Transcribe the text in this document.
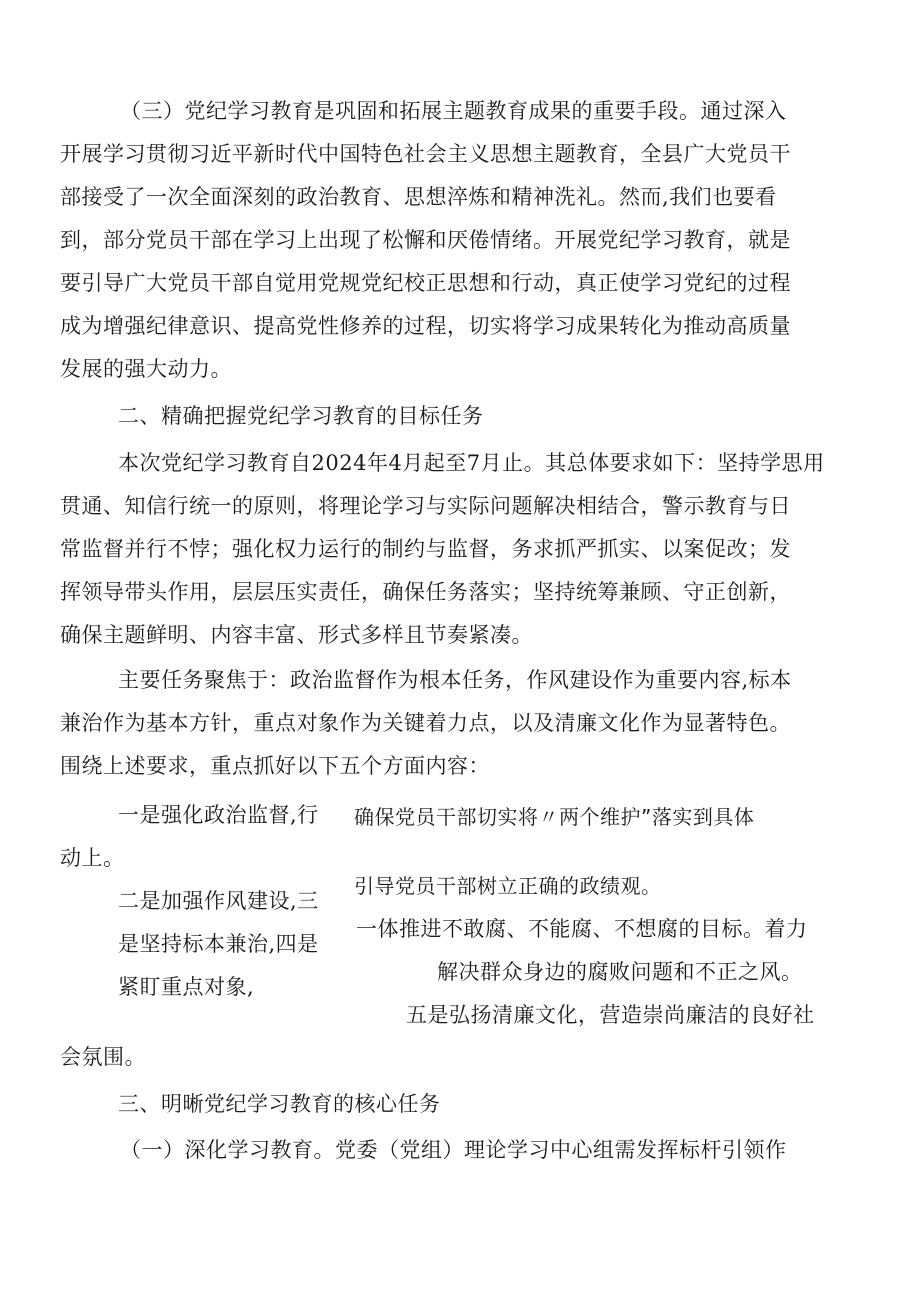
（三）党纪学习教育是巩固和拓展主题教育成果的重要手段。通过深入
开展学习贯彻习近平新时代中国特色社会主义思想主题教育，全县广大党员干
部接受了一次全面深刻的政治教育、思想淬炼和精神洗礼。然而,我们也要看
到，部分党员干部在学习上出现了松懈和厌倦情绪。开展党纪学习教育，就是
要引导广大党员干部自觉用党规党纪校正思想和行动，真正使学习党纪的过程
成为增强纪律意识、提高党性修养的过程，切实将学习成果转化为推动高质量
发展的强大动力。
二、精确把握党纪学习教育的目标任务
本次党纪学习教育自2024年4月起至7月止。其总体要求如下：坚持学思用
贯通、知信行统一的原则，将理论学习与实际问题解决相结合，警示教育与日
常监督并行不悖；强化权力运行的制约与监督，务求抓严抓实、以案促改；发
挥领导带头作用，层层压实责任，确保任务落实；坚持统筹兼顾、守正创新，
确保主题鲜明、内容丰富、形式多样且节奏紧凑。
主要任务聚焦于：政治监督作为根本任务，作风建设作为重要内容,标本
兼治作为基本方针，重点对象作为关键着力点，以及清廉文化作为显著特色。
围绕上述要求，重点抓好以下五个方面内容：
一是强化政治监督,行 确保党员干部切实将〃两个维护”落实到具体
动上。
引导党员干部树立正确的政绩观。
二是加强作风建设,三
一体推进不敢腐、不能腐、不想腐的目标。着力
是坚持标本兼治,四是
解决群众身边的腐败问题和不正之风。
紧盯重点对象,
五是弘扬清廉文化，营造崇尚廉洁的良好社
会氛围。
三、明晰党纪学习教育的核心任务
（一）深化学习教育。党委（党组）理论学习中心组需发挥标杆引领作
